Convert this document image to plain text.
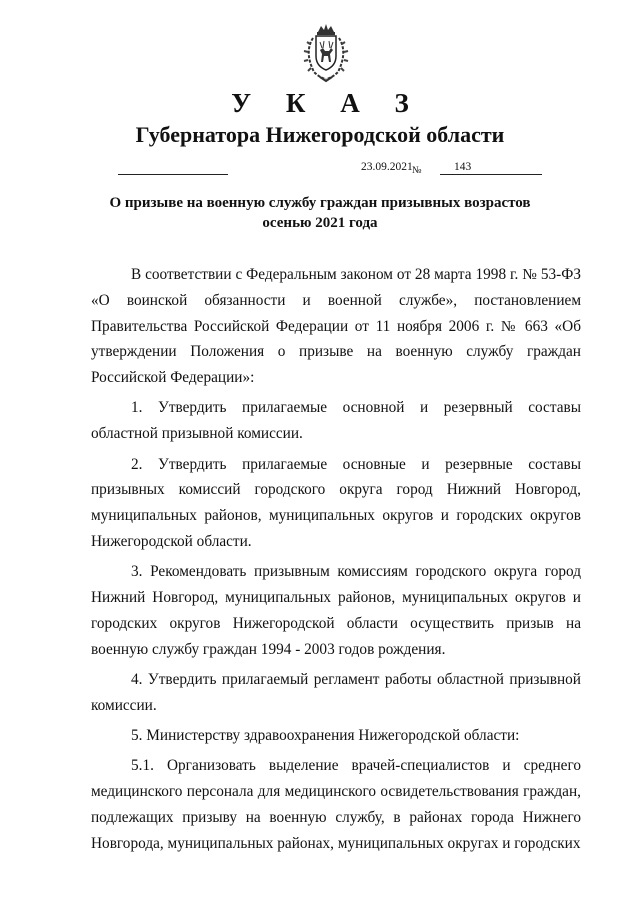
У К А З
Губернатора Нижегородской области
23.09.2021 №	143
О призыве на военную службу граждан призывных возрастов
осенью 2021 года

В соответствии с Федеральным законом от 28 марта 1998 г. № 53-ФЗ «О воинской обязанности и военной службе», постановлением Правительства Российской Федерации от 11 ноября 2006 г. № 663 «Об утверждении Положения о призыве на военную службу граждан Российской Федерации»:

1. Утвердить прилагаемые основной и резервный составы областной призывной комиссии.

2. Утвердить прилагаемые основные и резервные составы призывных комиссий городского округа город Нижний Новгород, муниципальных районов, муниципальных округов и городских округов Нижегородской области.

3. Рекомендовать призывным комиссиям городского округа город Нижний Новгород, муниципальных районов, муниципальных округов и городских округов Нижегородской области осуществить призыв на военную службу граждан 1994 - 2003 годов рождения.

4. Утвердить прилагаемый регламент работы областной призывной комиссии.

5. Министерству здравоохранения Нижегородской области:

5.1. Организовать выделение врачей-специалистов и среднего медицинского персонала для медицинского освидетельствования граждан, подлежащих призыву на военную службу, в районах города Нижнего Новгорода, муниципальных районах, муниципальных округах и городских
